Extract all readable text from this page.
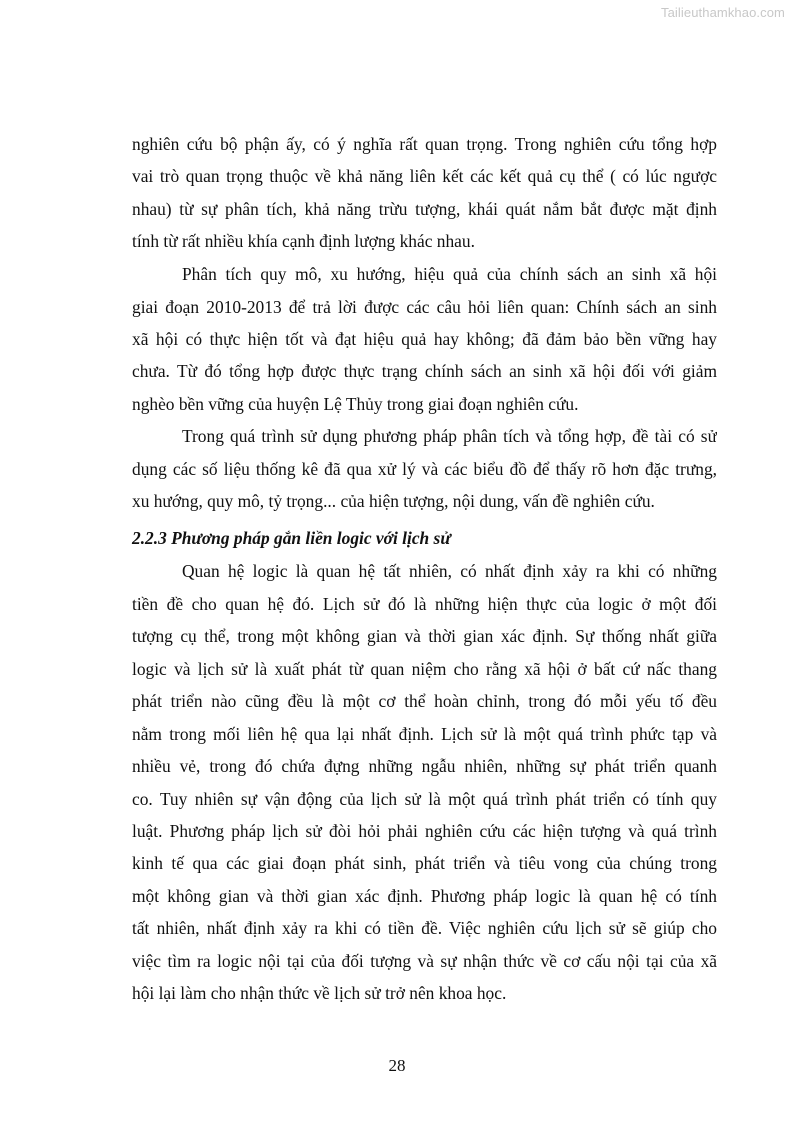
Tailieuthamkhao.com
nghiên cứu bộ phận ấy, có ý nghĩa rất quan trọng. Trong nghiên cứu tổng hợp
vai trò quan trọng thuộc về khả năng liên kết các kết quả cụ thể ( có lúc ngược
nhau) từ sự phân tích, khả năng trừu tượng, khái quát nắm bắt được mặt định
tính từ rất nhiều khía cạnh định lượng khác nhau.
Phân tích quy mô, xu hướng, hiệu quả của chính sách an sinh xã hội
giai đoạn 2010-2013 để trả lời được các câu hỏi liên quan: Chính sách an sinh
xã hội có thực hiện tốt và đạt hiệu quả hay không; đã đảm bảo bền vững hay
chưa. Từ đó tổng hợp được thực trạng chính sách an sinh xã hội đối với giảm
nghèo bền vững của huyện Lệ Thủy trong giai đoạn nghiên cứu.
Trong quá trình sử dụng phương pháp phân tích và tổng hợp, đề tài có sử
dụng các số liệu thống kê đã qua xử lý và các biểu đồ để thấy rõ hơn đặc trưng,
xu hướng, quy mô, tỷ trọng... của hiện tượng, nội dung, vấn đề nghiên cứu.
2.2.3 Phương pháp gắn liền logic với lịch sử
Quan hệ logic là quan hệ tất nhiên, có nhất định xảy ra khi có những
tiền đề cho quan hệ đó. Lịch sử đó là những hiện thực của logic ở một đối
tượng cụ thể, trong một không gian và thời gian xác định. Sự thống nhất giữa
logic và lịch sử là xuất phát từ quan niệm cho rằng xã hội ở bất cứ nấc thang
phát triển nào cũng đều là một cơ thể hoàn chỉnh, trong đó mỗi yếu tố đều
nằm trong mối liên hệ qua lại nhất định. Lịch sử là một quá trình phức tạp và
nhiều vẻ, trong đó chứa đựng những ngẫu nhiên, những sự phát triển quanh
co. Tuy nhiên sự vận động của lịch sử là một quá trình phát triển có tính quy
luật. Phương pháp lịch sử đòi hỏi phải nghiên cứu các hiện tượng và quá trình
kinh tế qua các giai đoạn phát sinh, phát triển và tiêu vong của chúng trong
một không gian và thời gian xác định. Phương pháp logic là quan hệ có tính
tất nhiên, nhất định xảy ra khi có tiền đề. Việc nghiên cứu lịch sử sẽ giúp cho
việc tìm ra logic nội tại của đối tượng và sự nhận thức về cơ cấu nội tại của xã
hội lại làm cho nhận thức về lịch sử trở nên khoa học.
28
